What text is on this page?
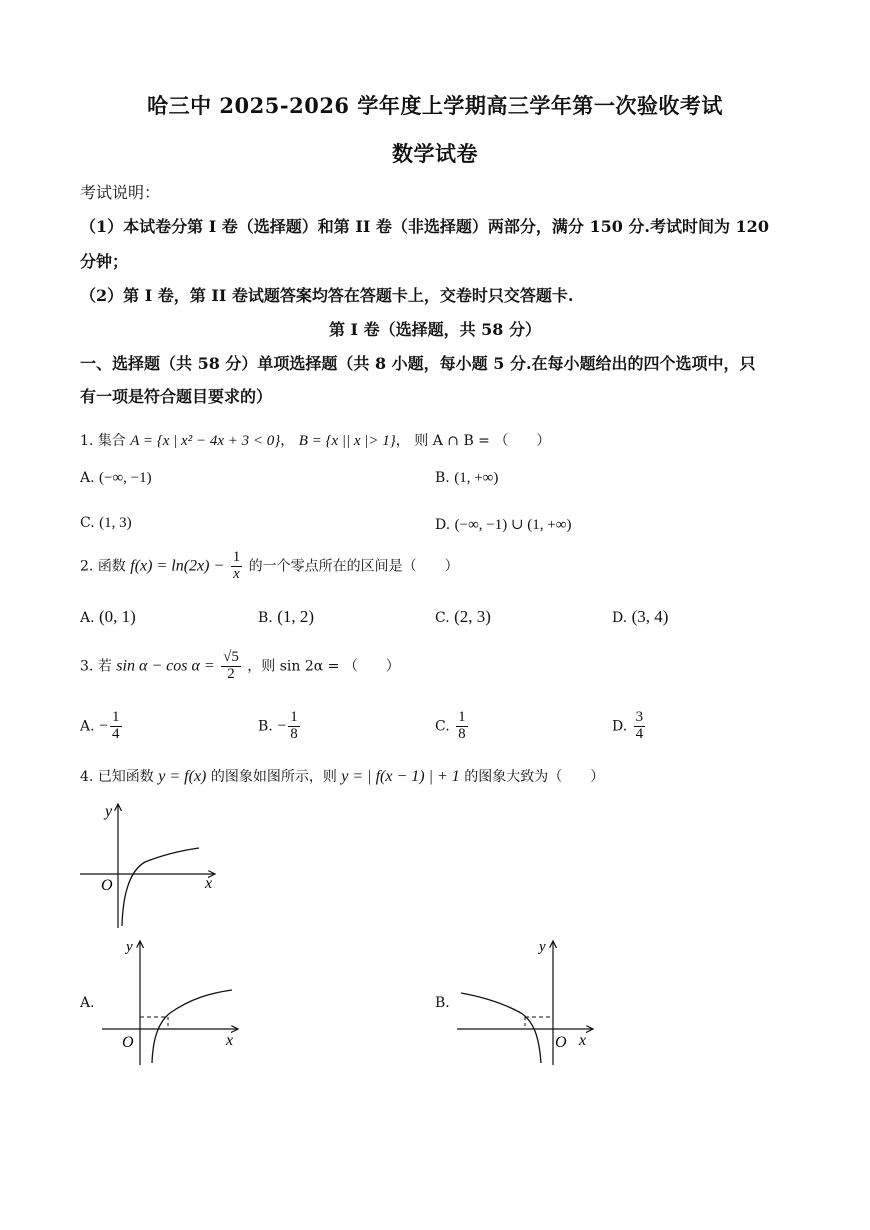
哈三中 2025-2026 学年度上学期高三学年第一次验收考试
数学试卷
考试说明：
（1）本试卷分第 I 卷（选择题）和第 II 卷（非选择题）两部分，满分 150 分.考试时间为 120
分钟；
（2）第 I 卷，第 II 卷试题答案均答在答题卡上，交卷时只交答题卡.
第 I 卷（选择题，共 58 分）
一、选择题（共 58 分）单项选择题（共 8 小题，每小题 5 分.在每小题给出的四个选项中，只
有一项是符合题目要求的）
1. 集合 A = {x | x² − 4x + 3 < 0}， B = {x || x |> 1}， 则 A ∩ B = （　　）
A. (−∞, −1)	B. (1, +∞)
C. (1, 3)	D. (−∞, −1) ∪ (1, +∞)
2. 函数 $f(x) = \ln(2x) - \frac{1}{x}$ 的一个零点所在的区间是（　　）
A. (0, 1)	B. (1, 2)	C. (2, 3)	D. (3, 4)
3. 若 $\sin \alpha - \cos \alpha = \frac{√5}{2}$ ，则 sin 2α = （　　）
A. − $\frac{1}{4}$	B. − $\frac{1}{8}$	C. $\frac{1}{8}$	D. $\frac{3}{4}$
4. 已知函数 y = f(x) 的图象如图所示，则 y = | f(x − 1) | + 1 的图象大致为（　　）
y
x
O
A.
y
x
O
B.
y
x
O
